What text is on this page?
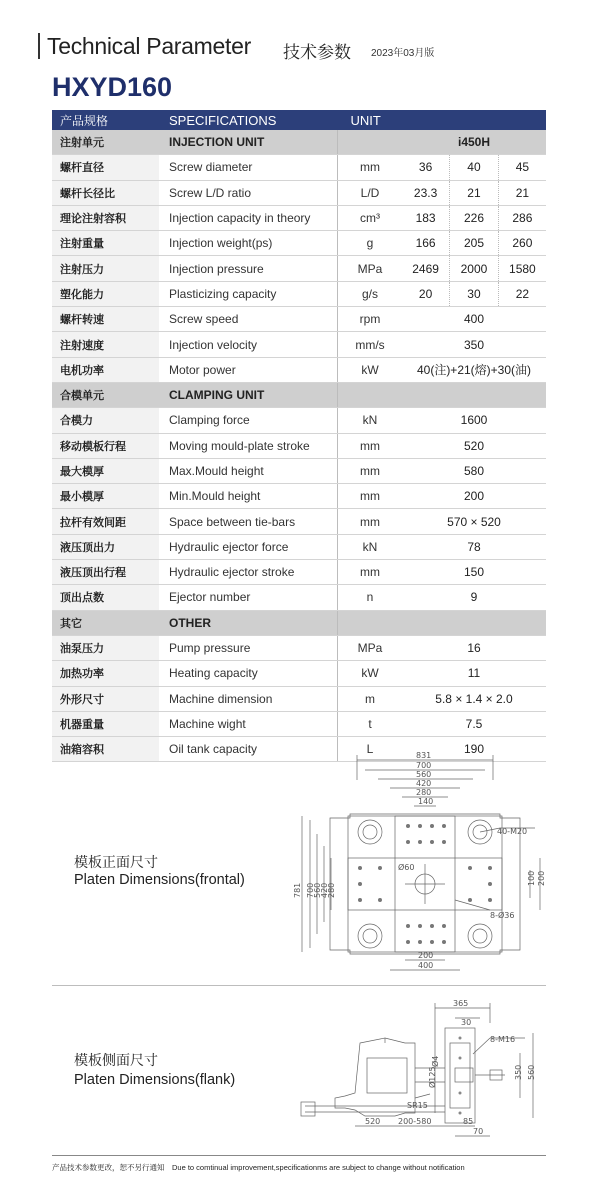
Technical Parameter 技术参数 2023年03月版
HXYD160
产品规格	SPECIFICATIONS	UNIT			
注射单元	INJECTION UNIT		i450H		
螺杆直径	Screw diameter	mm	36	40	45
螺杆长径比	Screw L/D ratio	L/D	23.3	21	21
理论注射容积	Injection capacity in theory	cm³	183	226	286
注射重量	Injection weight(ps)	g	166	205	260
注射压力	Injection pressure	MPa	2469	2000	1580
塑化能力	Plasticizing capacity	g/s	20	30	22
螺杆转速	Screw speed	rpm	400		
注射速度	Injection velocity	mm/s	350		
电机功率	Motor power	kW	40(注)+21(熔)+30(油)		
合模单元	CLAMPING UNIT				
合模力	Clamping force	kN	1600		
移动模板行程	Moving mould-plate stroke	mm	520		
最大模厚	Max.Mould height	mm	580		
最小模厚	Min.Mould height	mm	200		
拉杆有效间距	Space between tie-bars	mm	570 × 520		
液压顶出力	Hydraulic ejector force	kN	78		
液压顶出行程	Hydraulic ejector stroke	mm	150		
顶出点数	Ejector number	n	9		
其它	OTHER				
油泵压力	Pump pressure	MPa	16		
加热功率	Heating capacity	kW	11		
外形尺寸	Machine dimension	m	5.8 × 1.4 × 2.0		
机器重量	Machine wight	t	7.5		
油箱容积	Oil tank capacity	L	190		
模板正面尺寸
Platen Dimensions(frontal)
831
700
560
420
280
140
781 700
560
420
280
100 200
200
400
40-M20
8-Ø36
Ø60
模板侧面尺寸
Platen Dimensions(flank)
365
30
8-M16
Ø125
Ø4
SR15
350 560
520 200-580	85
70
产品技术参数更改，恕不另行通知　Due to comtinual improvement,specificationms are subject to change without notification
